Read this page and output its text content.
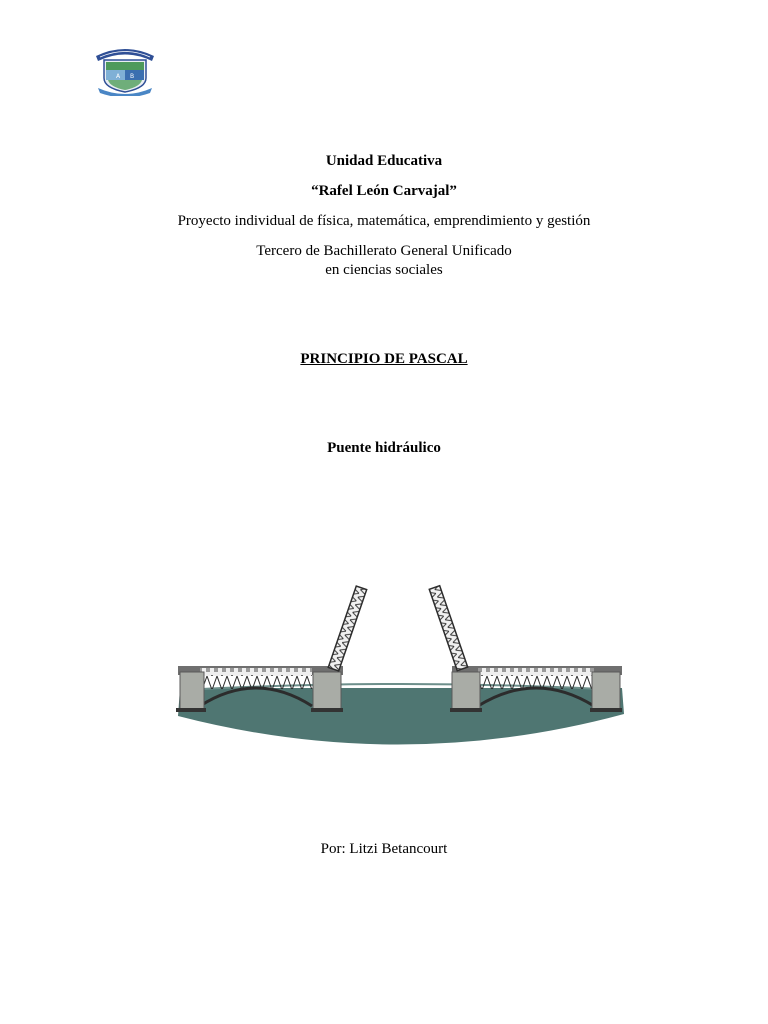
A B
Unidad Educativa
“Rafel León Carvajal”
Proyecto individual de física, matemática, emprendimiento y gestión
Tercero de Bachillerato General Unificado
en ciencias sociales
PRINCIPIO DE PASCAL
Puente hidráulico
Por: Litzi Betancourt
